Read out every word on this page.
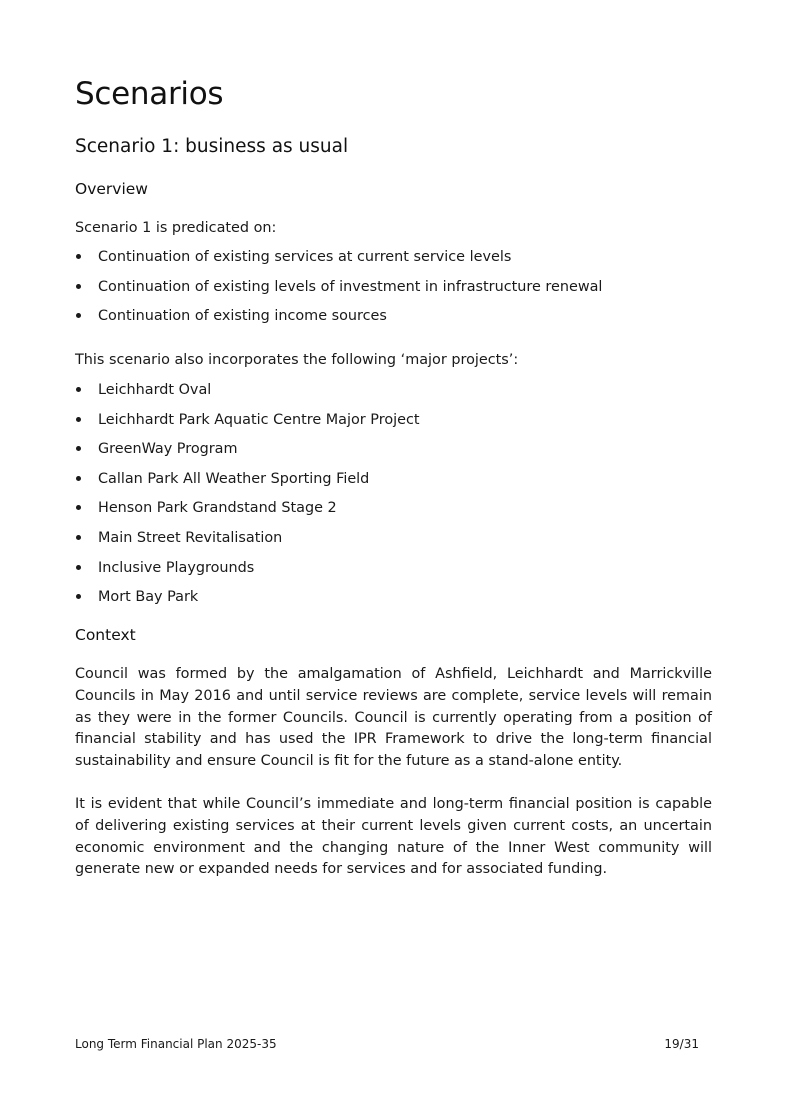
Scenarios
Scenario 1: business as usual
Overview
Scenario 1 is predicated on:
Continuation of existing services at current service levels
Continuation of existing levels of investment in infrastructure renewal
Continuation of existing income sources
This scenario also incorporates the following ‘major projects’:
Leichhardt Oval
Leichhardt Park Aquatic Centre Major Project
GreenWay Program
Callan Park All Weather Sporting Field
Henson Park Grandstand Stage 2
Main Street Revitalisation
Inclusive Playgrounds
Mort Bay Park
Context

Council was formed by the amalgamation of Ashfield, Leichhardt and Marrickville Councils in May 2016 and until service reviews are complete, service levels will remain as they were in the former Councils. Council is currently operating from a position of financial stability and has used the IPR Framework to drive the long-term financial sustainability and ensure Council is fit for the future as a stand-alone entity.

It is evident that while Council’s immediate and long-term financial position is capable of delivering existing services at their current levels given current costs, an uncertain economic environment and the changing nature of the Inner West community will generate new or expanded needs for services and for associated funding.

Long Term Financial Plan 2025-35	19/31
